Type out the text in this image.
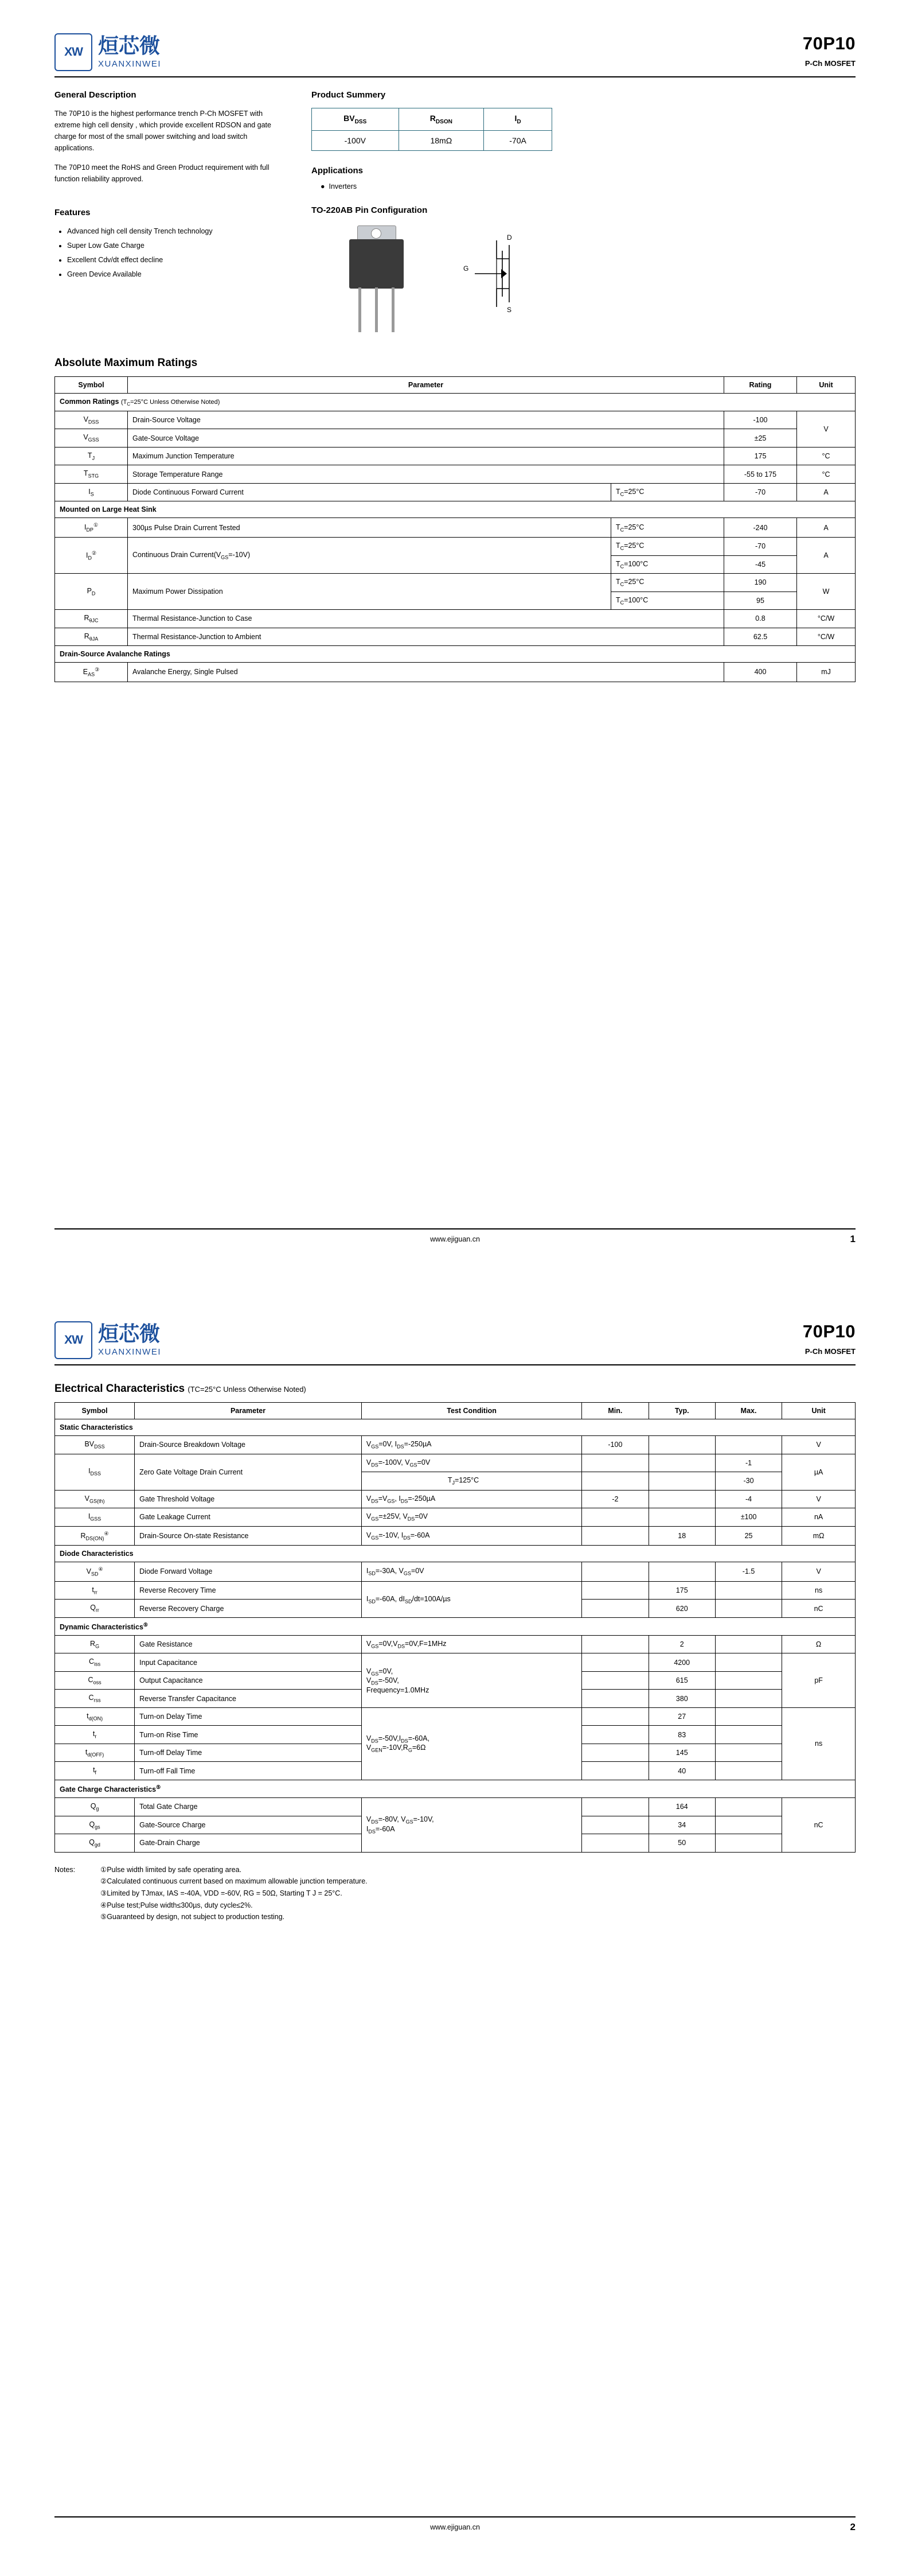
XW 烜芯微
XUANXINWEI
70P10
P-Ch MOSFET
General Description
The 70P10 is the highest performance trench P-Ch MOSFET with extreme high cell density , which provide excellent RDSON and gate charge for most of the small power switching and load switch applications.
The 70P10 meet the RoHS and Green Product requirement with full function reliability approved.
Features
• Advanced high cell density Trench technology
• Super Low Gate Charge
• Excellent Cdv/dt effect decline
• Green Device Available
Product Summery
$BV_{DSS}$	$R_{DSON}$	$I_D$
-100V	18mΩ	-70A
Applications
●  Inverters
TO-220AB Pin Configuration
D
G
S
Absolute Maximum Ratings
Symbol	Parameter		Rating	Unit
Common Ratings ($T_C=25^\circ C$ Unless Otherwise Noted)				
$V_{DSS}$	Drain-Source Voltage		-100	V
$V_{GSS}$	Gate-Source Voltage		±25	
$T_J$	Maximum Junction Temperature		175	°C
$T_{STG}$	Storage Temperature Range		-55 to 175	°C
$I_S$	Diode Continuous Forward Current	$T_C=25^\circ C$	-70	A
Mounted on Large Heat Sink				
$I_{DP}^①$	300µs Pulse Drain Current Tested	$T_C=25^\circ C$	-240	A
$I_D^②$	Continuous Drain $Current(V_{GS}=-10V)$	$T_C=25^\circ C$	-70	A
		$T_C=100^\circ C$	-45	
$P_D$	Maximum Power Dissipation	$T_C=25^\circ C$	190	W
		$T_C=100^\circ C$	95	
$R_{\theta JC}$	Thermal Resistance-Junction to Case		0.8	°C/W
$R_{\theta JA}$	Thermal Resistance-Junction to Ambient		62.5	°C/W
Drain-Source Avalanche Ratings				
$E_{AS}^③$	Avalanche Energy, Single Pulsed		400	mJ
www.ejiguan.cn	1
XW 烜芯微
XUANXINWEI
70P10
P-Ch MOSFET
Electrical Characteristics (TC=25°C Unless Otherwise Noted)
Symbol	Parameter	Test Condition	Min.	Typ.	Max.	Unit
Static Characteristics						
$BV_{DSS}$	Drain-Source Breakdown Voltage	$V_{GS}=0V$, $I_{DS}=-250\mu A$	-100			V
$I_{DSS}$	Zero Gate Voltage Drain Current	$V_{DS}=-100V$, $V_{GS}=0V$			-1	µA
		$T_J=125^\circ C$			-30	
$V_{GS(th)}$	Gate Threshold Voltage	$V_{DS}=V_{GS}$, $I_{DS}=-250\mu A$	-2		-4	V
$I_{GSS}$	Gate Leakage Current	$V_{GS}=\pm 25V$, $V_{DS}=0V$			±100	nA
$R_{DS(ON)}^④$	Drain-Source On-state Resistance	$V_{GS}=-10V$, $I_{DS}=-60A$		18	25	mΩ
Diode Characteristics						
$V_{SD}^④$	Diode Forward Voltage	$I_{SD}=-30A$, $V_{GS}=0V$			-1.5	V
$t_{rr}$	Reverse Recovery Time	$I_{SD}=-60A$, $dI_{SD}/dt=100A/\mu s$		175		ns
$Q_{rr}$	Reverse Recovery Charge			620		nC
Dynamic Characteristics⑤
$R_G$	Gate Resistance	$V_{GS}=0V,V_{DS}=0V,F=1MHz$		2		Ω
$C_{iss}$	Input Capacitance	$V_{GS}=0V$,
$V_{DS}=-50V$,
Frequency=1.0MHz		4200		pF
$C_{oss}$	Output Capacitance			615		
$C_{rss}$	Reverse Transfer Capacitance			380		
$t_{d(ON)}$	Turn-on Delay Time	$V_{DS}=-50V,I_{DS}=-60A$,
$V_{GEN}=-10V,R_G=6\Omega$		27		ns
$t_r$	Turn-on Rise Time			83		
$t_{d(OFF)}$	Turn-off Delay Time			145		
$t_f$	Turn-off Fall Time			40		
Gate Charge Characteristics⑤
$Q_g$	Total Gate Charge	$V_{DS}=-80V$, $V_{GS}=-10V$,
$I_{DS}=-60A$		164		nC
$Q_{gs}$	Gate-Source Charge			34		
$Q_{gd}$	Gate-Drain Charge			50		
Notes:	①Pulse width limited by safe operating area.
②Calculated continuous current based on maximum allowable junction temperature.
③Limited by TJmax, IAS =-40A, VDD =-60V, RG = 50Ω, Starting T J = 25°C.
④Pulse test;Pulse width≤300µs, duty cycle≤2%.
⑤Guaranteed by design, not subject to production testing.
www.ejiguan.cn	2
